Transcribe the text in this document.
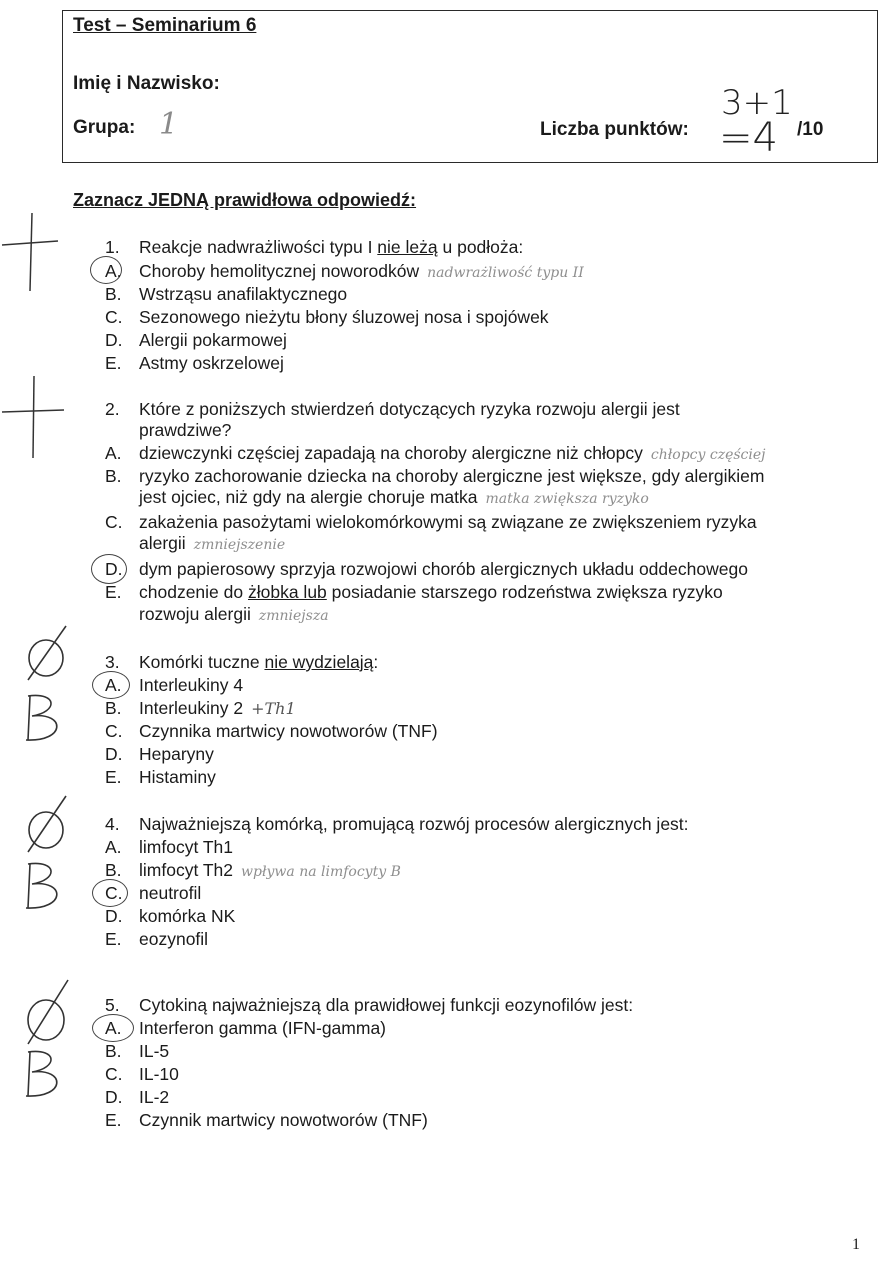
Test – Seminarium 6
Imię i Nazwisko:
Grupa: 1	Liczba punktów:
3+1
=4 /10
Zaznacz JEDNĄ prawidłowa odpowiedź:
1. Reakcje nadwrażliwości typu I nie leżą u podłoża:
A. Choroby hemolitycznej noworodków nadwrażliwość typu II
B. Wstrząsu anafilaktycznego
C. Sezonowego nieżytu błony śluzowej nosa i spojówek
D. Alergii pokarmowej
E. Astmy oskrzelowej
2. Które z poniższych stwierdzeń dotyczących ryzyka rozwoju alergii jest
prawdziwe?
A. dziewczynki częściej zapadają na choroby alergiczne niż chłopcy chłopcy częściej
B. ryzyko zachorowanie dziecka na choroby alergiczne jest większe, gdy alergikiem
jest ojciec, niż gdy na alergie choruje matka matka zwiększa ryzyko
C. zakażenia pasożytami wielokomórkowymi są związane ze zwiększeniem ryzyka
alergii zmniejszenie
D. dym papierosowy sprzyja rozwojowi chorób alergicznych układu oddechowego
E. chodzenie do żłobka lub posiadanie starszego rodzeństwa zwiększa ryzyko
rozwoju alergii zmniejsza
3. Komórki tuczne nie wydzielają:
A. Interleukiny 4
B. Interleukiny 2 +Th1
C. Czynnika martwicy nowotworów (TNF)
D. Heparyny
E. Histaminy
4. Najważniejszą komórką, promującą rozwój procesów alergicznych jest:
A. limfocyt Th1
B. limfocyt Th2 wpływa na limfocyty B
C. neutrofil
D. komórka NK
E. eozynofil
5. Cytokiną najważniejszą dla prawidłowej funkcji eozynofilów jest:
A. Interferon gamma (IFN-gamma)
B. IL-5
C. IL-10
D. IL-2
E. Czynnik martwicy nowotworów (TNF)
1
